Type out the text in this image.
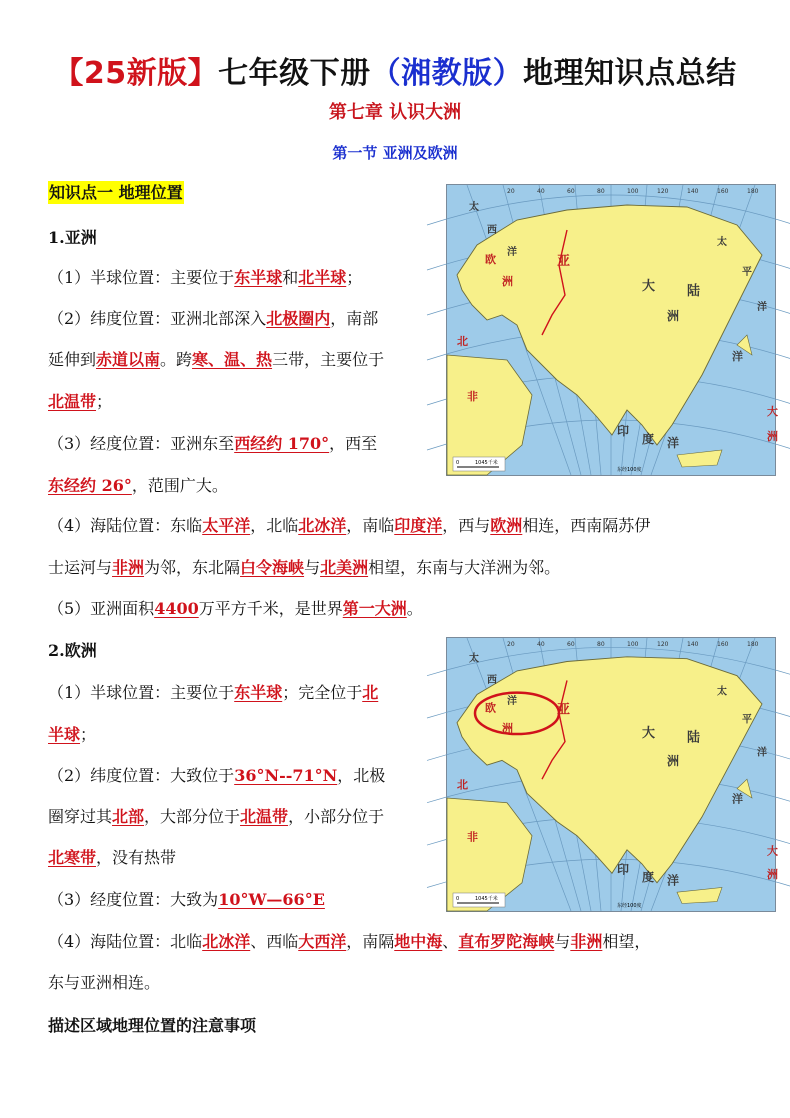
【25新版】七年级下册（湘教版）地理知识点总结
第七章 认识大洲
第一节 亚洲及欧洲
知识点一 地理位置
1.亚洲
（1）半球位置：主要位于东半球和北半球；
（2）纬度位置：亚洲北部深入北极圈内，南部
延伸到赤道以南。跨寒、温、热三带，主要位于
北温带；
（3）经度位置：亚洲东至西经约 170°，西至
东经约 26°，范围广大。
（4）海陆位置：东临太平洋，北临北冰洋，南临印度洋，西与欧洲相连，西南隔苏伊
士运河与非洲为邻，东北隔白令海峡与北美洲相望，东南与大洋洲为邻。
（5）亚洲面积4400万平方千米，是世界第一大洲。
2.欧洲
（1）半球位置：主要位于东半球；完全位于北
半球；
（2）纬度位置：大致位于36°N--71°N，北极
圈穿过其北部，大部分位于北温带，小部分位于
北寒带，没有热带
（3）经度位置：大致为10°W—66°E
（4）海陆位置：北临北冰洋、西临大西洋，南隔地中海、直布罗陀海峡与非洲相望，
东与亚洲相连。
描述区域地理位置的注意事项
太
西
洋
欧
洲
亚
大 陆
洲
洋
印
度 洋
太
平
洋
北
非
大
洲
20	40	60	80	100	120	140	160	180
0	1045千米
东经100度
太
西
洋
欧
洲
亚
大 陆
洲
洋
印
度 洋
太
平
洋
北
非
大
洲
20	40	60	80	100	120	140	160	180
0	1045千米
东经100度
